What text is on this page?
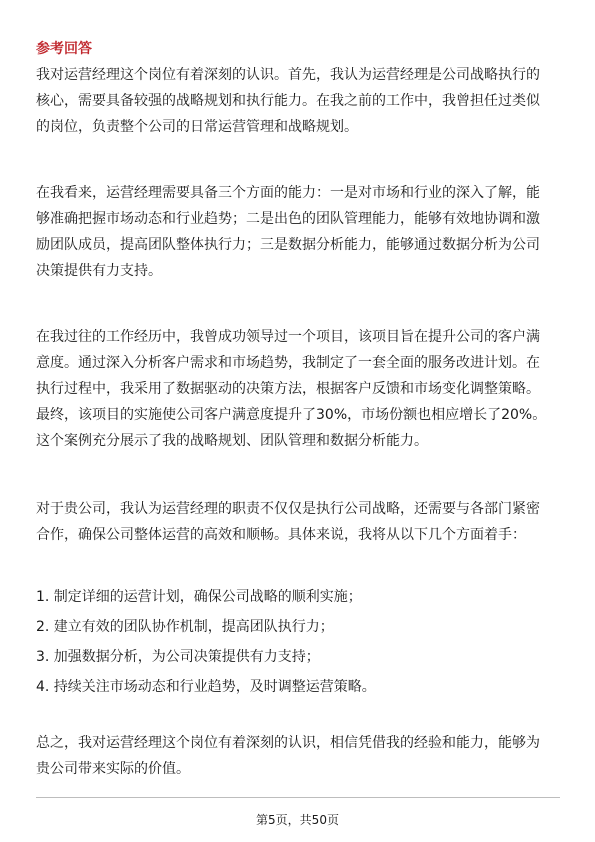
参考回答
我对运营经理这个岗位有着深刻的认识。首先，我认为运营经理是公司战略执行的
核心，需要具备较强的战略规划和执行能力。在我之前的工作中，我曾担任过类似
的岗位，负责整个公司的日常运营管理和战略规划。
在我看来，运营经理需要具备三个方面的能力：一是对市场和行业的深入了解，能
够准确把握市场动态和行业趋势；二是出色的团队管理能力，能够有效地协调和激
励团队成员，提高团队整体执行力；三是数据分析能力，能够通过数据分析为公司
决策提供有力支持。
在我过往的工作经历中，我曾成功领导过一个项目，该项目旨在提升公司的客户满
意度。通过深入分析客户需求和市场趋势，我制定了一套全面的服务改进计划。在
执行过程中，我采用了数据驱动的决策方法，根据客户反馈和市场变化调整策略。
最终，该项目的实施使公司客户满意度提升了30%，市场份额也相应增长了20%。
这个案例充分展示了我的战略规划、团队管理和数据分析能力。
对于贵公司，我认为运营经理的职责不仅仅是执行公司战略，还需要与各部门紧密
合作，确保公司整体运营的高效和顺畅。具体来说，我将从以下几个方面着手：
1. 制定详细的运营计划，确保公司战略的顺利实施；
2. 建立有效的团队协作机制，提高团队执行力；
3. 加强数据分析，为公司决策提供有力支持；
4. 持续关注市场动态和行业趋势，及时调整运营策略。
总之，我对运营经理这个岗位有着深刻的认识，相信凭借我的经验和能力，能够为
贵公司带来实际的价值。
第5页，共50页
